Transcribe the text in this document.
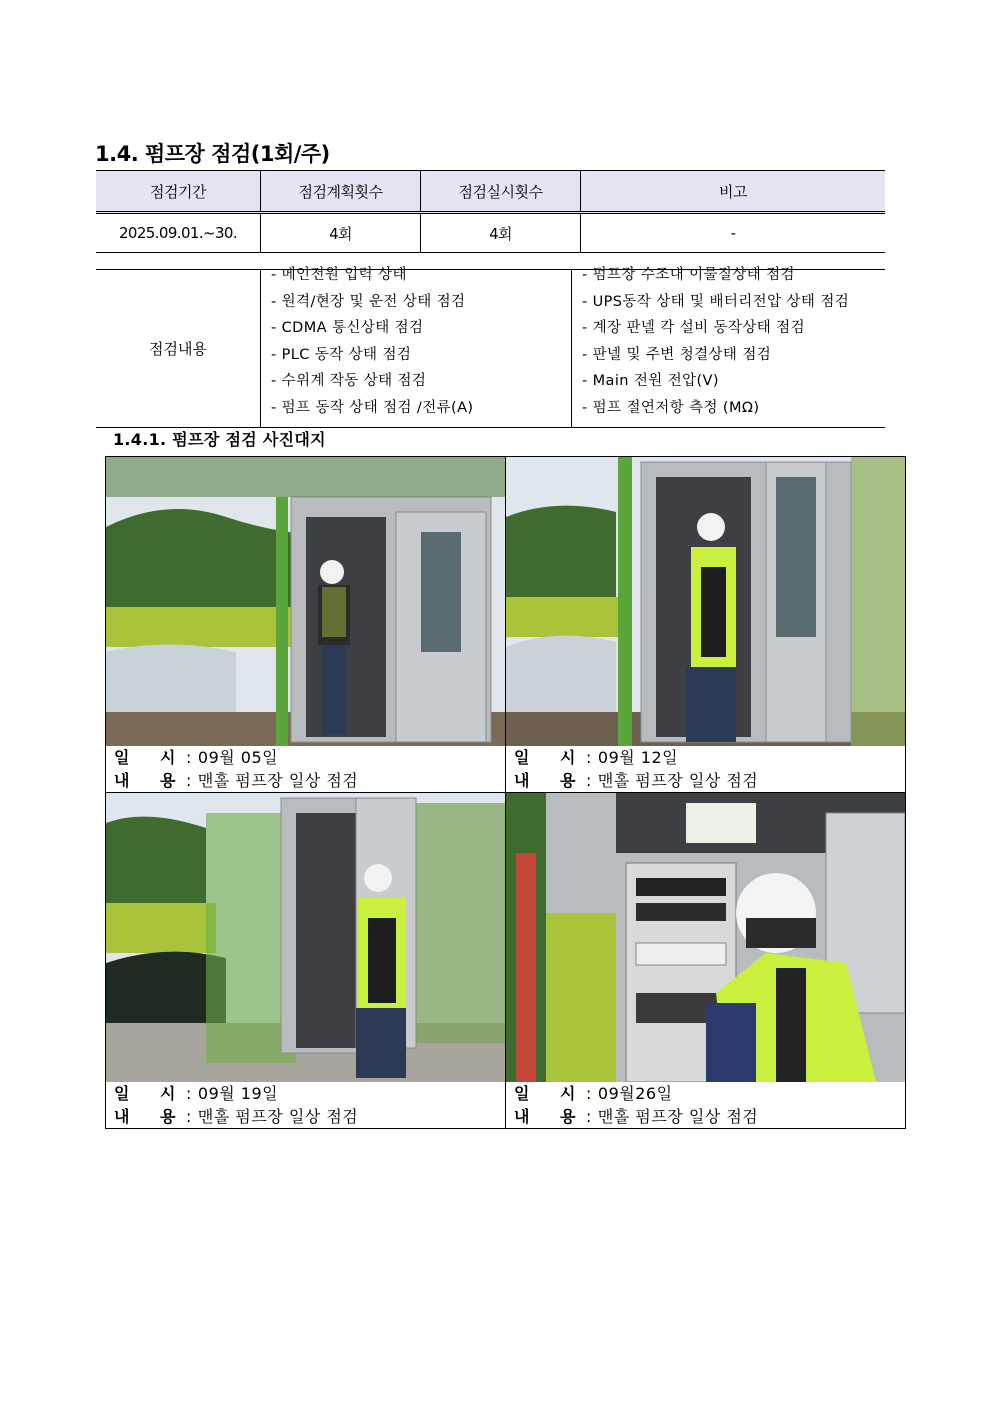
1.4. 펌프장 점검(1회/주)
점검기간	점검계획횟수	점검실시횟수	비고
2025.09.01.~30.	4회	4회	-
점검내용	
- 메인전원 입력 상태
- 원격/현장 및 운전 상태 점검
- CDMA 통신상태 점검
- PLC 동작 상태 점검
- 수위계 작동 상태 점검
- 펌프 동작 상태 점검 /전류(A)

- 펌프장 수조내 이물질상태 점검
- UPS동작 상태 및 배터리전압 상태 점검
- 계장 판넬 각 설비 동작상태 점검
- 판넬 및 주변 청결상태 점검
- Main 전원 전압(V)
- 펌프 절연저항 측정 (MΩ)
1.4.1. 펌프장 점검 사진대지
일 시 : 09월 05일
내 용 : 맨홀 펌프장 일상 점검	일 시 : 09월 12일
내 용 : 맨홀 펌프장 일상 점검

일 시 : 09월 19일
내 용 : 맨홀 펌프장 일상 점검	일 시 : 09월26일
내 용 : 맨홀 펌프장 일상 점검
